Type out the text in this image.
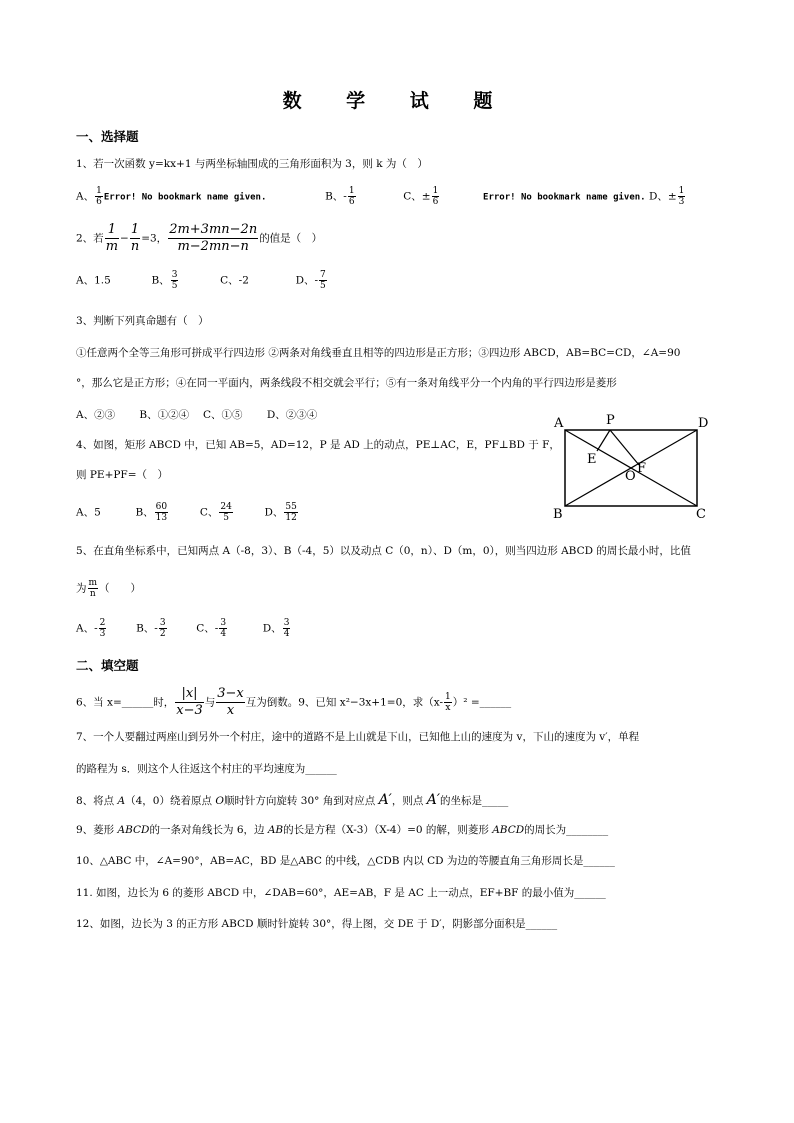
数 学 试 题
一、选择题
1、若一次函数 y=kx+1 与两坐标轴围成的三角形面积为 3，则 k 为（　）
A、 $\frac{1}{6}$ Error! No bookmark name given.	B、- $\frac{1}{6}$	C、± $\frac{1}{6}$	Error! No bookmark name given. D、± $\frac{1}{3}$
2、若 $\frac{1}{m} - \frac{1}{n} =3$， $\frac{2m+3mn-2n}{m-2mn-n}$ 的值是（　）
A、1.5	B、 $\frac{3}{5}$	C、-2	D、- $\frac{7}{5}$
3、判断下列真命题有（　）
①任意两个全等三角形可拼成平行四边形 ②两条对角线垂直且相等的四边形是正方形；③四边形 ABCD，AB=BC=CD，∠A=90
°，那么它是正方形；④在同一平面内，两条线段不相交就会平行；⑤有一条对角线平分一个内角的平行四边形是菱形
A、②③　　 B、①②④　 C、①⑤　　 D、②③④
4、如图，矩形 ABCD 中，已知 AB=5，AD=12，P 是 AD 上的动点，PE⊥AC，E，PF⊥BD 于 F，
则 PE+PF=（　）
A、5	B、 $\frac{60}{13}$	C、 $\frac{24}{5}$	D、 $\frac{55}{12}$
A	P	D
E
F
O
B	C
5、在直角坐标系中，已知两点 A（-8，3）、B（-4，5）以及动点 C（0，n）、D（m，0），则当四边形 ABCD 的周长最小时，比值
为 $\frac{m}{n}$ （　　）
A、- $\frac{2}{3}$	B、- $\frac{3}{2}$	C、- $\frac{3}{4}$	D、 $\frac{3}{4}$
二、填空题
6、当 x=______时， $\frac{|x|}{x-3}$ 与 $\frac{3-x}{x}$ 互为倒数。9、已知 x²−3x+1=0，求$(x- \frac{1}{x} )^2$ =______
7、一个人要翻过两座山到另外一个村庄，途中的道路不是上山就是下山，已知他上山的速度为 v，下山的速度为 v′，单程
的路程为 s．则这个人往返这个村庄的平均速度为______
8、将点 A（4，0）绕着原点 O顺时针方向旋转 30° 角到对应点 A′，则点 A′的坐标是_____
9、菱形 ABCD的一条对角线长为 6，边 AB的长是方程（X-3）（X-4）=0 的解，则菱形 ABCD的周长为________
10、△ABC 中，∠A=90°，AB=AC，BD 是△ABC 的中线，△CDB 内以 CD 为边的等腰直角三角形周长是______
11. 如图，边长为 6 的菱形 ABCD 中，∠DAB=60°，AE=AB，F 是 AC 上一动点，EF+BF 的最小值为______
12、如图，边长为 3 的正方形 ABCD 顺时针旋转 30°，得上图，交 DE 于 D′，阴影部分面积是______
